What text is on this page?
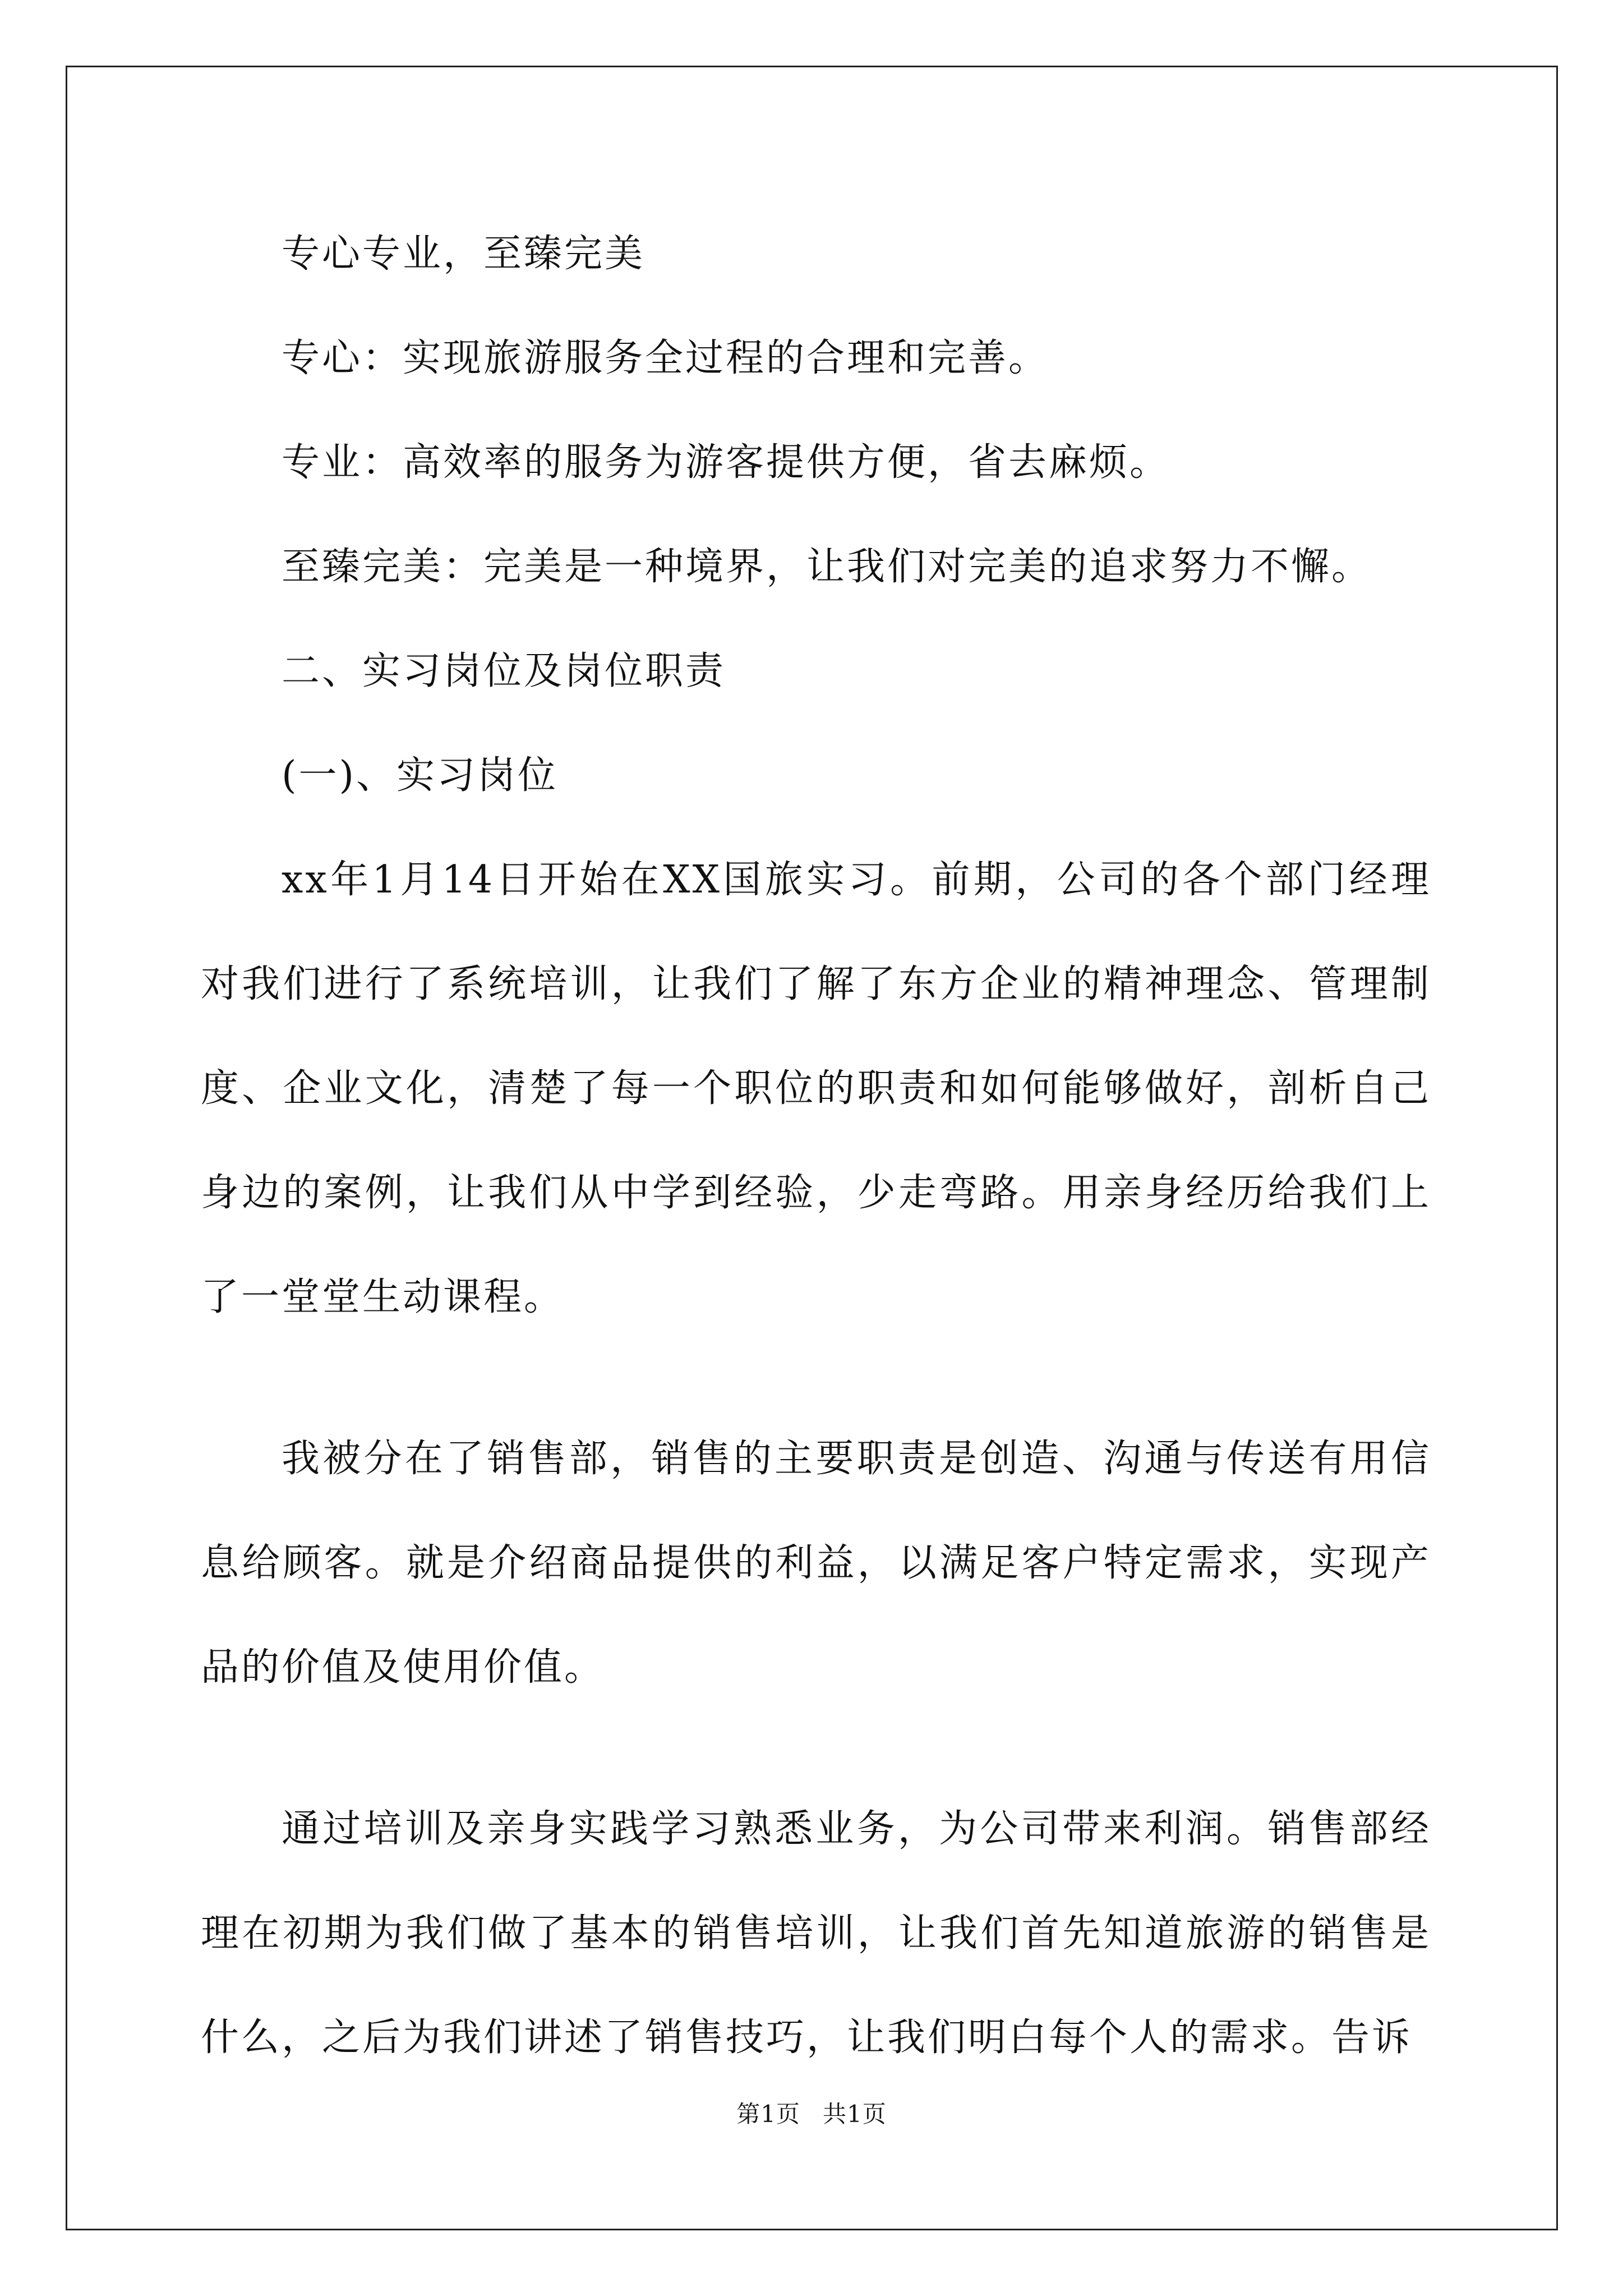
专心专业，至臻完美

专心：实现旅游服务全过程的合理和完善。

专业：高效率的服务为游客提供方便，省去麻烦。

至臻完美：完美是一种境界，让我们对完美的追求努力不懈。

二、实习岗位及岗位职责

(一)、实习岗位

xx年1月14日开始在XX国旅实习。前期，公司的各个部门经理对我们进行了系统培训，让我们了解了东方企业的精神理念、管理制度、企业文化，清楚了每一个职位的职责和如何能够做好，剖析自己身边的案例，让我们从中学到经验，少走弯路。用亲身经历给我们上了一堂堂生动课程。

我被分在了销售部，销售的主要职责是创造、沟通与传送有用信息给顾客。就是介绍商品提供的利益，以满足客户特定需求，实现产品的价值及使用价值。

通过培训及亲身实践学习熟悉业务，为公司带来利润。销售部经理在初期为我们做了基本的销售培训，让我们首先知道旅游的销售是什么，之后为我们讲述了销售技巧，让我们明白每个人的需求。告诉

第1页 共1页
